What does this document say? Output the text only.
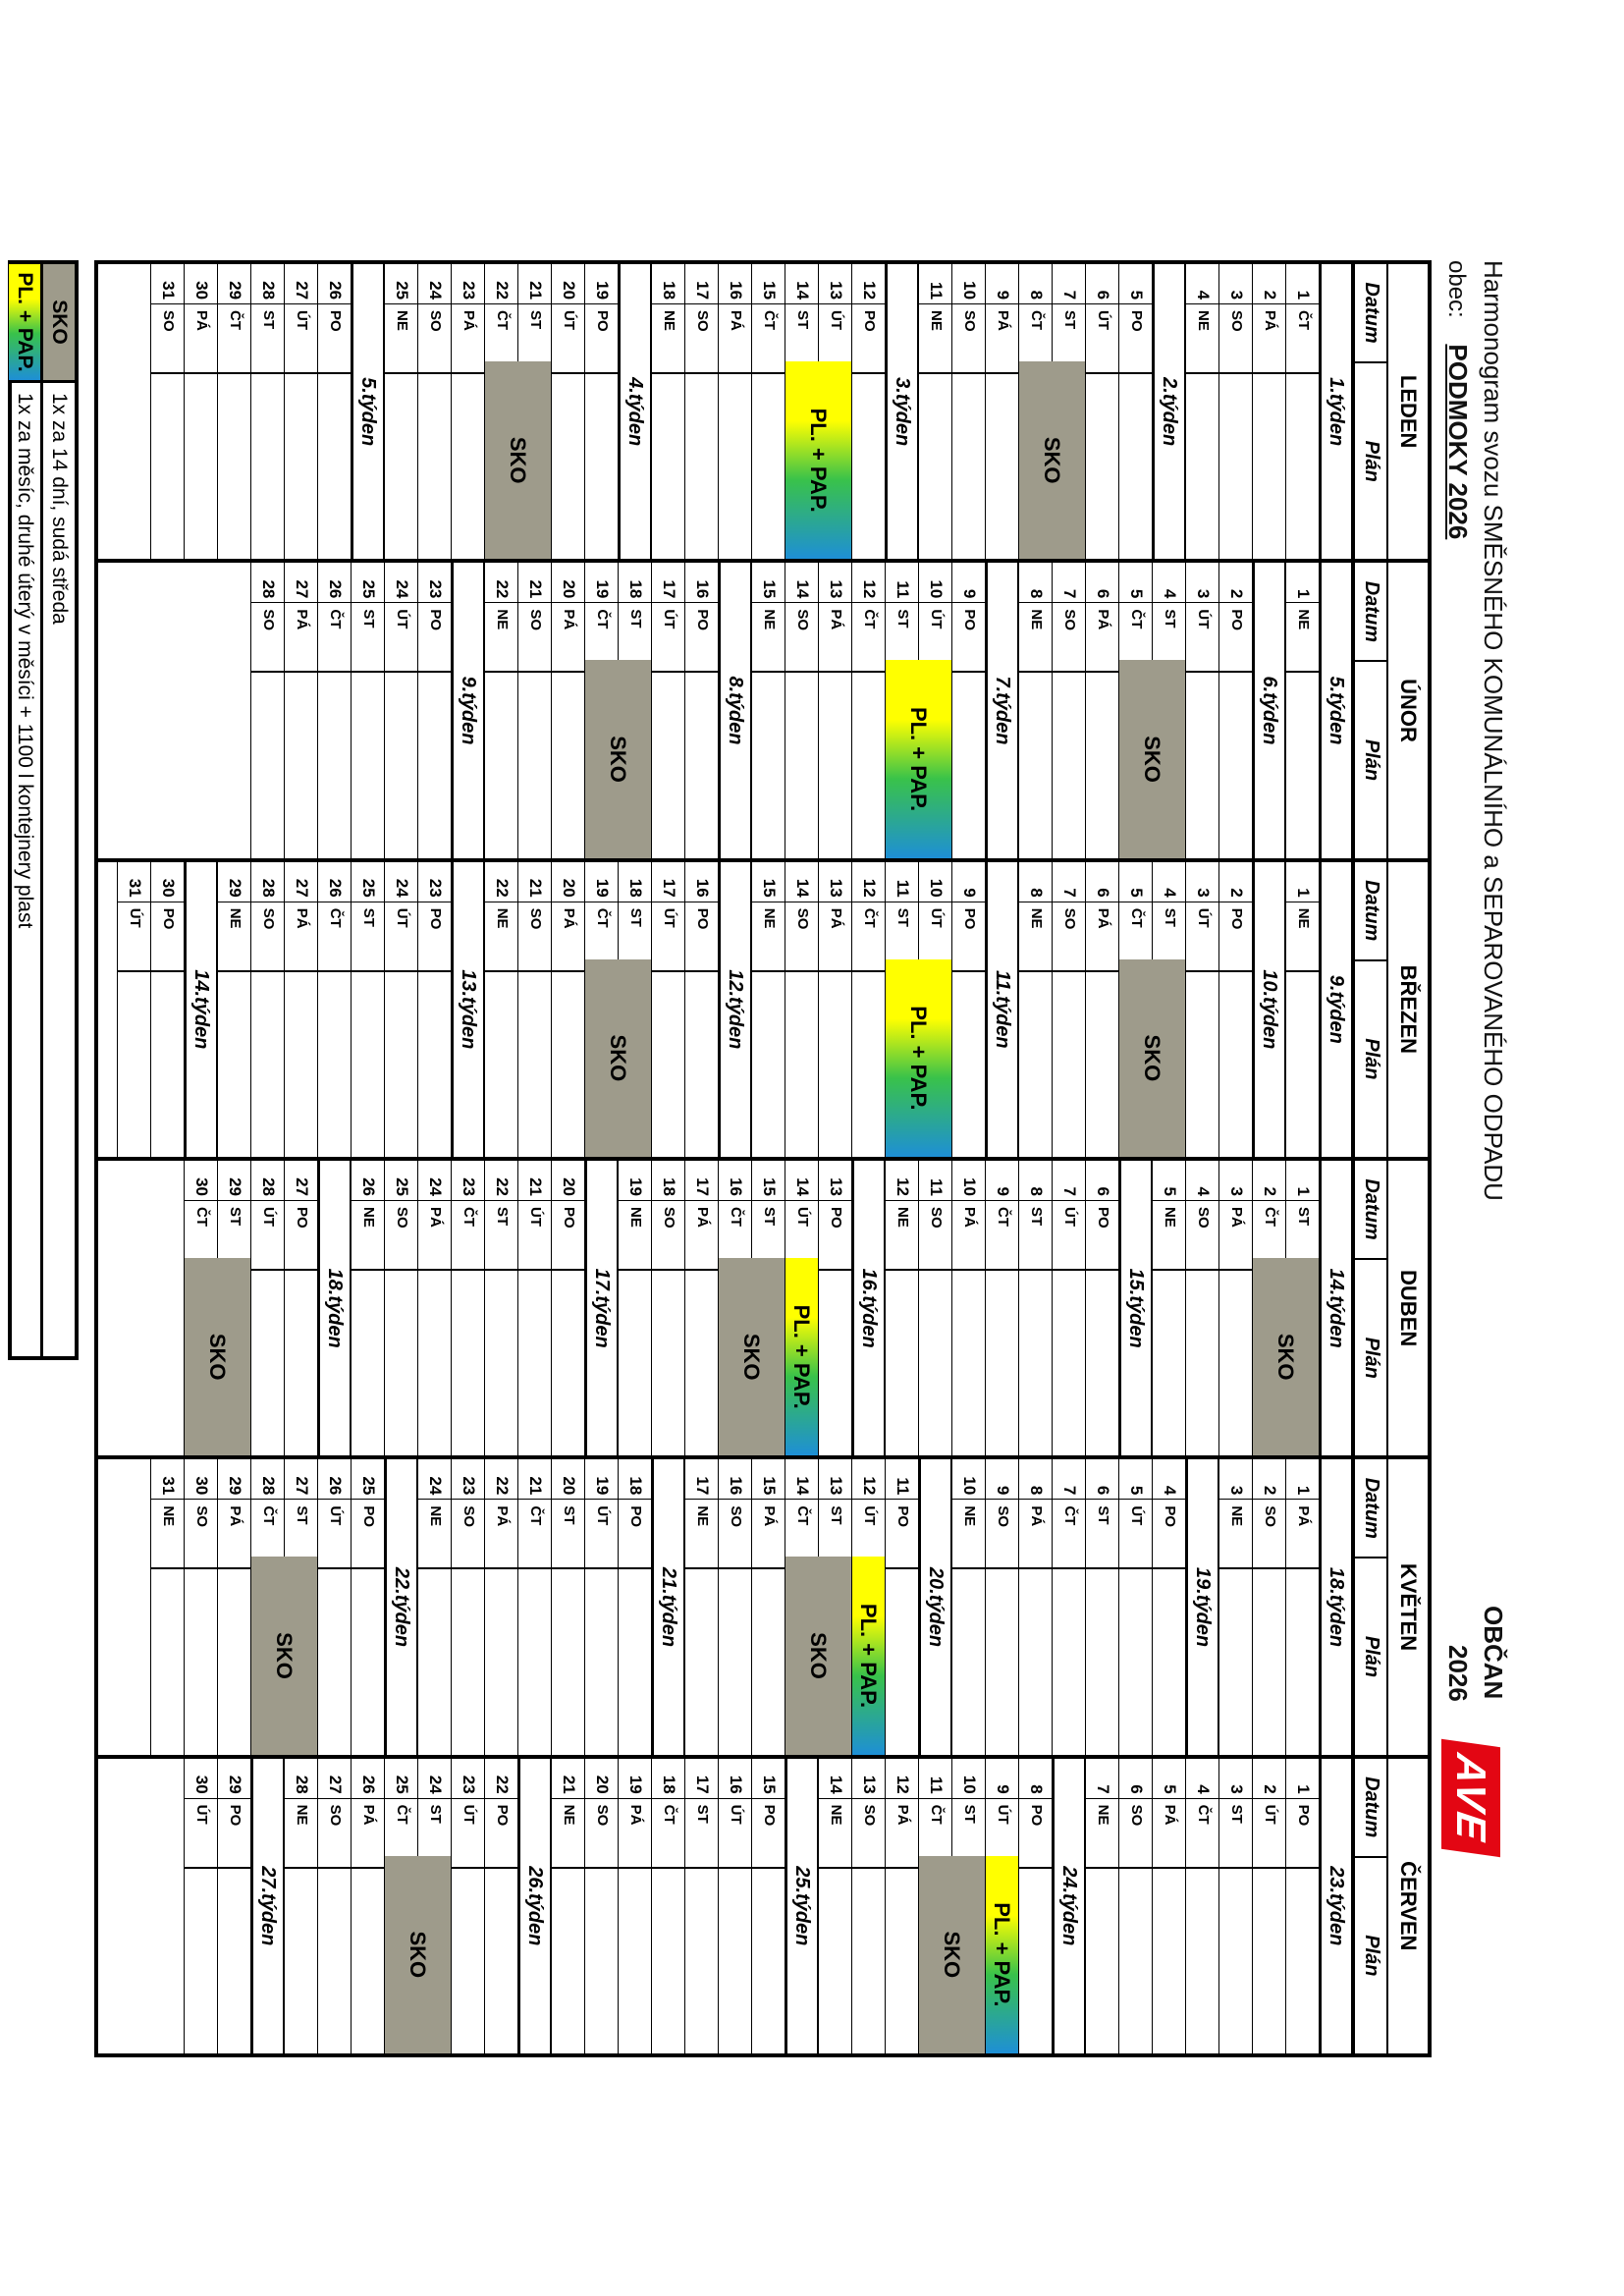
Harmonogram svozu SMĚSNÉHO KOMUNÁLNÍHO a SEPAROVANÉHO ODPADU
obec: PODMOKY 2026
OBČAN
2026
AVE
LEDEN
Datum
Plán
1.týden
1
ČT
2
PÁ
3
SO
4
NE
2.týden
5
PO
6
ÚT
7
ST
8
ČT
9
PÁ
10
SO
11
NE
3.týden
12
PO
13
ÚT
14
ST
15
ČT
16
PÁ
17
SO
18
NE
4.týden
19
PO
20
ÚT
21
ST
22
ČT
23
PÁ
24
SO
25
NE
5.týden
26
PO
27
ÚT
28
ST
29
ČT
30
PÁ
31
SO
SKO
PL. + PAP.
SKO
ÚNOR
Datum
Plán
5.týden
1
NE
6.týden
2
PO
3
ÚT
4
ST
5
ČT
6
PÁ
7
SO
8
NE
7.týden
9
PO
10
ÚT
11
ST
12
ČT
13
PÁ
14
SO
15
NE
8.týden
16
PO
17
ÚT
18
ST
19
ČT
20
PÁ
21
SO
22
NE
9.týden
23
PO
24
ÚT
25
ST
26
ČT
27
PÁ
28
SO
SKO
PL. + PAP.
SKO
BŘEZEN
Datum
Plán
9.týden
1
NE
10.týden
2
PO
3
ÚT
4
ST
5
ČT
6
PÁ
7
SO
8
NE
11.týden
9
PO
10
ÚT
11
ST
12
ČT
13
PÁ
14
SO
15
NE
12.týden
16
PO
17
ÚT
18
ST
19
ČT
20
PÁ
21
SO
22
NE
13.týden
23
PO
24
ÚT
25
ST
26
ČT
27
PÁ
28
SO
29
NE
14.týden
30
PO
31
ÚT
SKO
PL. + PAP.
SKO
DUBEN
Datum
Plán
14.týden
1
ST
2
ČT
3
PÁ
4
SO
5
NE
15.týden
6
PO
7
ÚT
8
ST
9
ČT
10
PÁ
11
SO
12
NE
16.týden
13
PO
14
ÚT
15
ST
16
ČT
17
PÁ
18
SO
19
NE
17.týden
20
PO
21
ÚT
22
ST
23
ČT
24
PÁ
25
SO
26
NE
18.týden
27
PO
28
ÚT
29
ST
30
ČT
SKO
PL. + PAP.
SKO
SKO
KVĚTEN
Datum
Plán
18.týden
1
PÁ
2
SO
3
NE
19.týden
4
PO
5
ÚT
6
ST
7
ČT
8
PÁ
9
SO
10
NE
20.týden
11
PO
12
ÚT
13
ST
14
ČT
15
PÁ
16
SO
17
NE
21.týden
18
PO
19
ÚT
20
ST
21
ČT
22
PÁ
23
SO
24
NE
22.týden
25
PO
26
ÚT
27
ST
28
ČT
29
PÁ
30
SO
31
NE
PL. + PAP.
SKO
SKO
ČERVEN
Datum
Plán
23.týden
1
PO
2
ÚT
3
ST
4
ČT
5
PÁ
6
SO
7
NE
24.týden
8
PO
9
ÚT
10
ST
11
ČT
12
PÁ
13
SO
14
NE
25.týden
15
PO
16
ÚT
17
ST
18
ČT
19
PÁ
20
SO
21
NE
26.týden
22
PO
23
ÚT
24
ST
25
ČT
26
PÁ
27
SO
28
NE
27.týden
29
PO
30
ÚT
PL. + PAP.
SKO
SKO
SKO
1x za 14 dní, sudá středa
PL. + PAP.
1x za měsíc, druhé úterý v měsíci + 1100 l kontejnery plast
